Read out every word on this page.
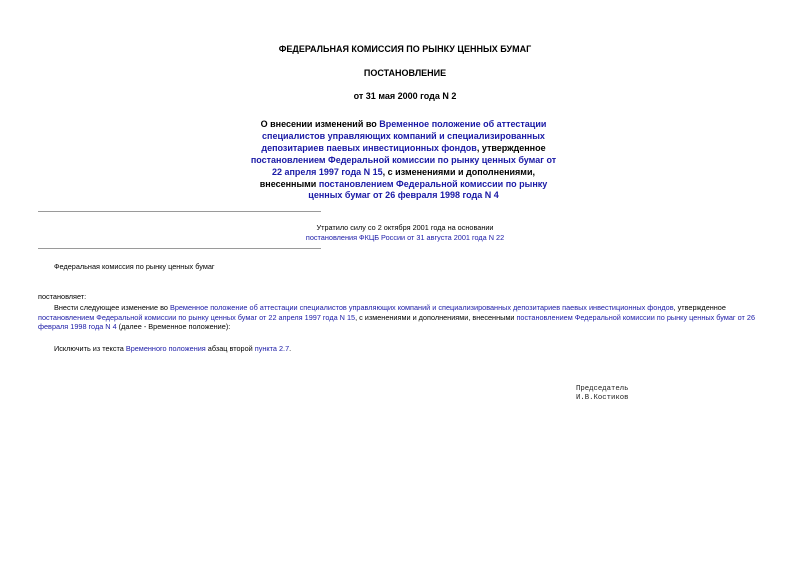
ФЕДЕРАЛЬНАЯ КОМИССИЯ ПО РЫНКУ ЦЕННЫХ БУМАГ
ПОСТАНОВЛЕНИЕ
от 31 мая 2000 года N 2
О внесении изменений во Временное положение об аттестации специалистов управляющих компаний и специализированных депозитариев паевых инвестиционных фондов, утвержденное постановлением Федеральной комиссии по рынку ценных бумаг от 22 апреля 1997 года N 15, с изменениями и дополнениями, внесенными постановлением Федеральной комиссии по рынку ценных бумаг от 26 февраля 1998 года N 4
Утратило силу со 2 октября 2001 года на основании
постановления ФКЦБ России от 31 августа 2001 года N 22
Федеральная комиссия по рынку ценных бумаг
постановляет:
Внести следующее изменение во Временное положение об аттестации специалистов управляющих компаний и специализированных депозитариев паевых инвестиционных фондов, утвержденное постановлением Федеральной комиссии по рынку ценных бумаг от 22 апреля 1997 года N 15, с изменениями и дополнениями, внесенными постановлением Федеральной комиссии по рынку ценных бумаг от 26 февраля 1998 года N 4 (далее - Временное положение):
Исключить из текста Временного положения абзац второй пункта 2.7.
Председатель
И.В.Костиков
